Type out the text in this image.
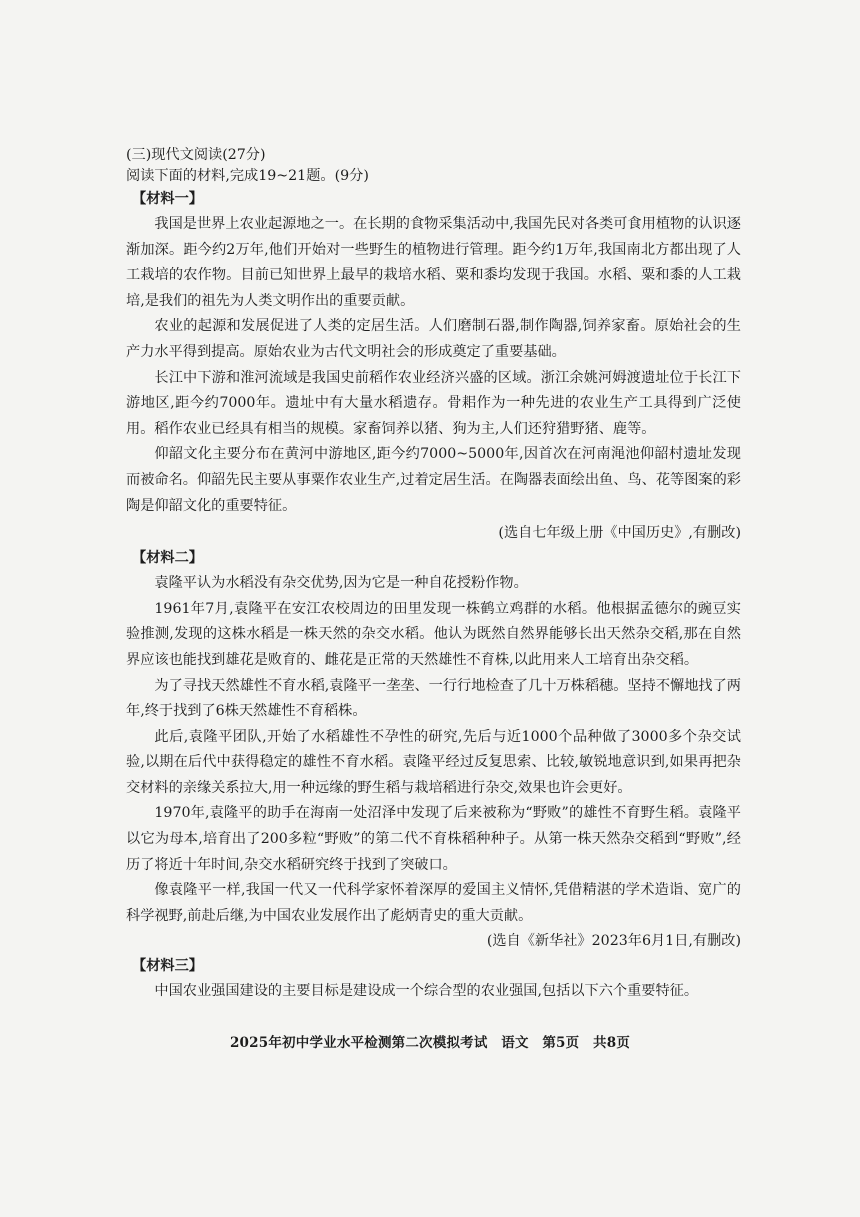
(三)现代文阅读(27分)
阅读下面的材料,完成19~21题。(9分)
【材料一】

我国是世界上农业起源地之一。在长期的食物采集活动中,我国先民对各类可食用植物的认识逐渐加深。距今约2万年,他们开始对一些野生的植物进行管理。距今约1万年,我国南北方都出现了人工栽培的农作物。目前已知世界上最早的栽培水稻、粟和黍均发现于我国。水稻、粟和黍的人工栽培,是我们的祖先为人类文明作出的重要贡献。

农业的起源和发展促进了人类的定居生活。人们磨制石器,制作陶器,饲养家畜。原始社会的生产力水平得到提高。原始农业为古代文明社会的形成奠定了重要基础。

长江中下游和淮河流域是我国史前稻作农业经济兴盛的区域。浙江余姚河姆渡遗址位于长江下游地区,距今约7000年。遗址中有大量水稻遗存。骨耜作为一种先进的农业生产工具得到广泛使用。稻作农业已经具有相当的规模。家畜饲养以猪、狗为主,人们还狩猎野猪、鹿等。

仰韶文化主要分布在黄河中游地区,距今约7000~5000年,因首次在河南渑池仰韶村遗址发现而被命名。仰韶先民主要从事粟作农业生产,过着定居生活。在陶器表面绘出鱼、鸟、花等图案的彩陶是仰韶文化的重要特征。

(选自七年级上册《中国历史》,有删改)

【材料二】

袁隆平认为水稻没有杂交优势,因为它是一种自花授粉作物。

1961年7月,袁隆平在安江农校周边的田里发现一株鹤立鸡群的水稻。他根据孟德尔的豌豆实验推测,发现的这株水稻是一株天然的杂交水稻。他认为既然自然界能够长出天然杂交稻,那在自然界应该也能找到雄花是败育的、雌花是正常的天然雄性不育株,以此用来人工培育出杂交稻。

为了寻找天然雄性不育水稻,袁隆平一垄垄、一行行地检查了几十万株稻穗。坚持不懈地找了两年,终于找到了6株天然雄性不育稻株。

此后,袁隆平团队,开始了水稻雄性不孕性的研究,先后与近1000个品种做了3000多个杂交试验,以期在后代中获得稳定的雄性不育水稻。袁隆平经过反复思索、比较,敏锐地意识到,如果再把杂交材料的亲缘关系拉大,用一种远缘的野生稻与栽培稻进行杂交,效果也许会更好。

1970年,袁隆平的助手在海南一处沼泽中发现了后来被称为“野败”的雄性不育野生稻。袁隆平以它为母本,培育出了200多粒“野败”的第二代不育株稻种种子。从第一株天然杂交稻到“野败”,经历了将近十年时间,杂交水稻研究终于找到了突破口。

像袁隆平一样,我国一代又一代科学家怀着深厚的爱国主义情怀,凭借精湛的学术造诣、宽广的科学视野,前赴后继,为中国农业发展作出了彪炳青史的重大贡献。

(选自《新华社》2023年6月1日,有删改)

【材料三】

中国农业强国建设的主要目标是建设成一个综合型的农业强国,包括以下六个重要特征。

2025年初中学业水平检测第二次模拟考试　语文　第5页　共8页
